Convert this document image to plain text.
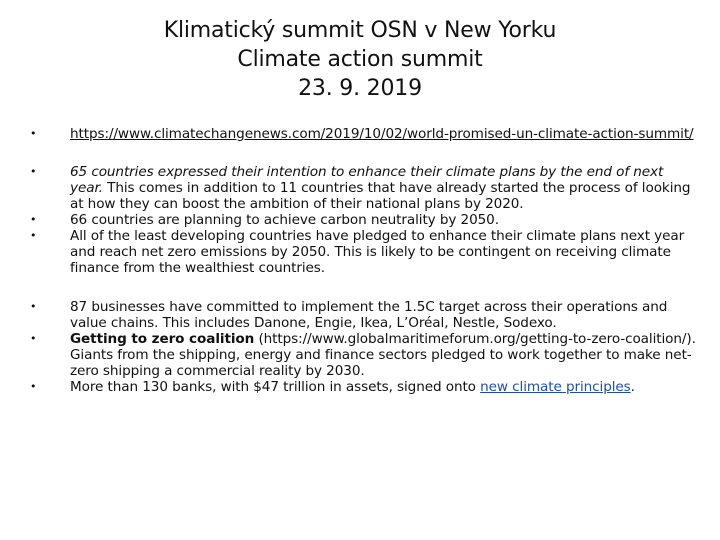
Klimatický summit OSN v New Yorku
Climate action summit
23. 9. 2019
• https://www.climatechangenews.com/2019/10/02/world-promised-un-climate-action-summit/
• 65 countries expressed their intention to enhance their climate plans by the end of next year. This comes in addition to 11 countries that have already started the process of looking at how they can boost the ambition of their national plans by 2020.
• 66 countries are planning to achieve carbon neutrality by 2050.
• All of the least developing countries have pledged to enhance their climate plans next year and reach net zero emissions by 2050. This is likely to be contingent on receiving climate finance from the wealthiest countries.
• 87 businesses have committed to implement the 1.5C target across their operations and value chains. This includes Danone, Engie, Ikea, L’Oréal, Nestle, Sodexo.
• Getting to zero coalition (https://www.globalmaritimeforum.org/getting-to-zero-coalition/). Giants from the shipping, energy and finance sectors pledged to work together to make net-zero shipping a commercial reality by 2030.
• More than 130 banks, with $47 trillion in assets, signed onto new climate principles.
